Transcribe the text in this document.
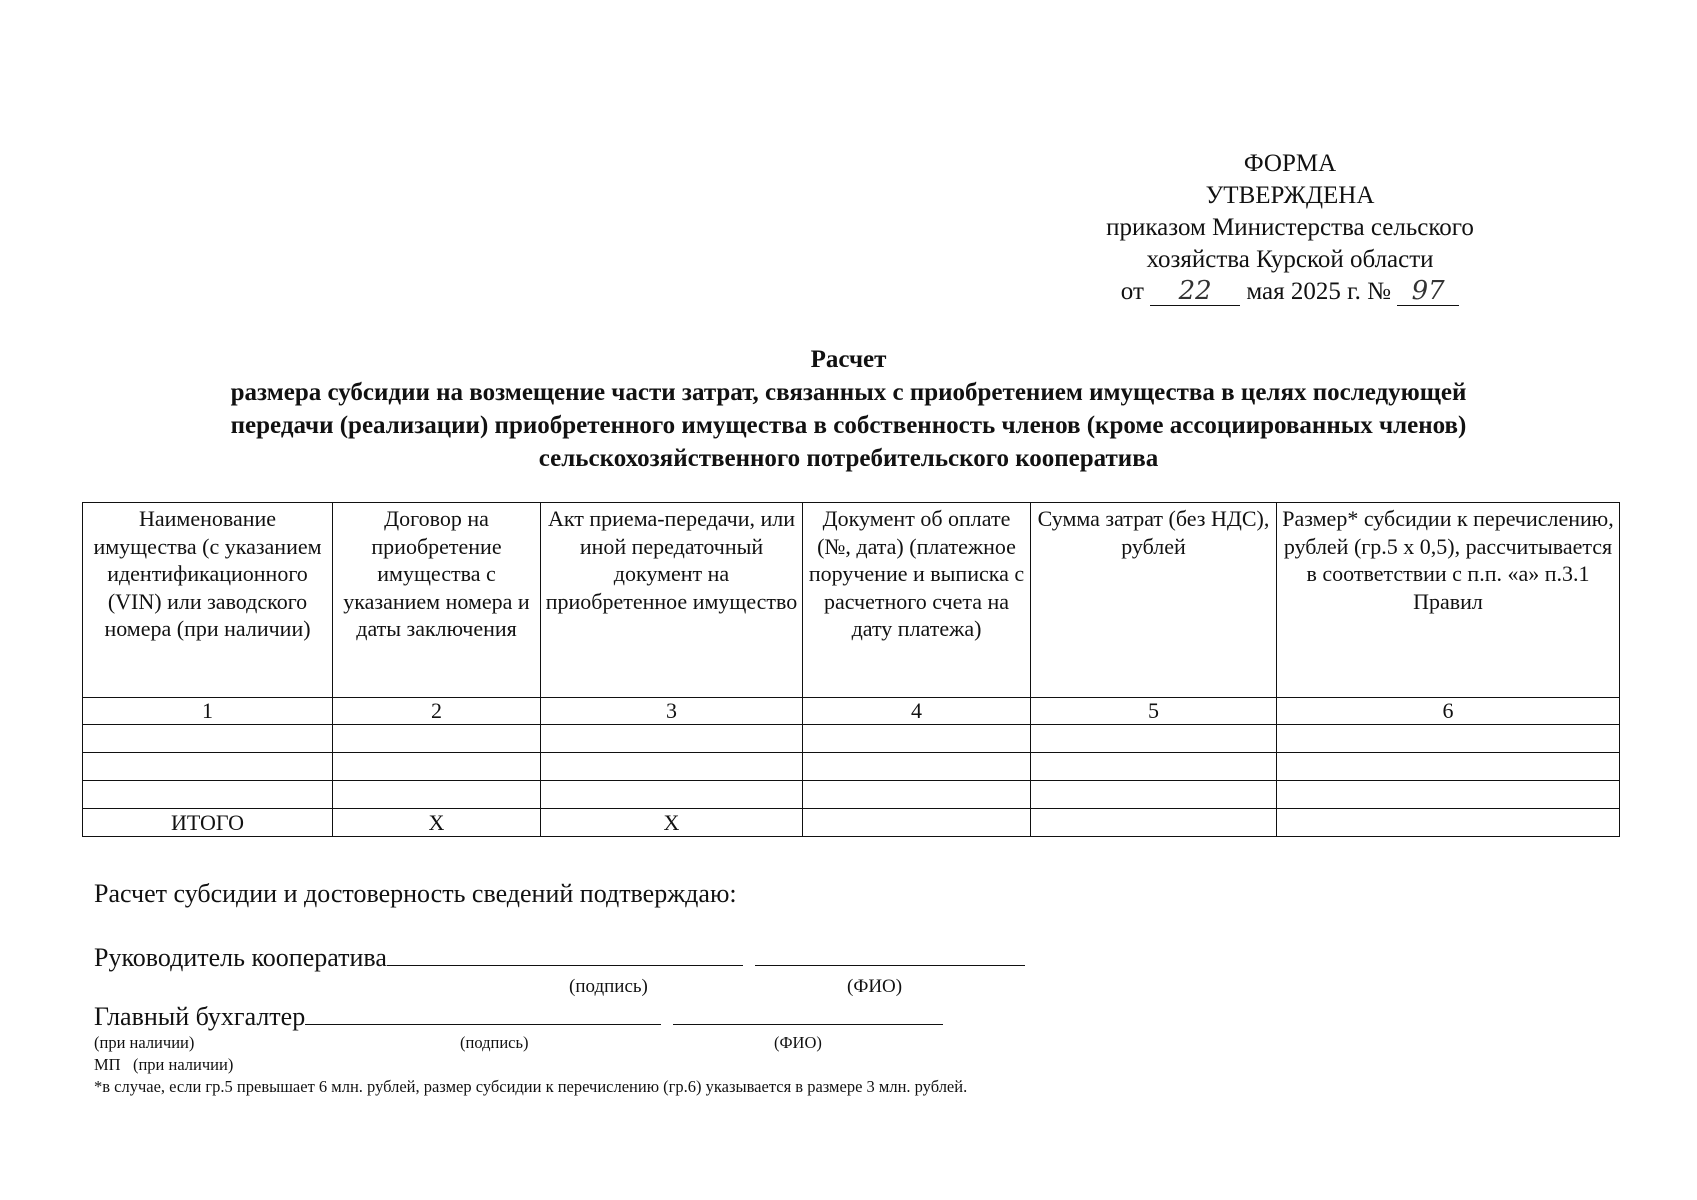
ФОРМА
УТВЕРЖДЕНА
приказом Министерства сельского
хозяйства Курской области
от 22 мая 2025 г. № 97
Расчет
размера субсидии на возмещение части затрат, связанных с приобретением имущества в целях последующей
передачи (реализации) приобретенного имущества в собственность членов (кроме ассоциированных членов)
сельскохозяйственного потребительского кооператива
Наименование имущества (с указанием идентификационного (VIN) или заводского номера (при наличии)	Договор на приобретение имущества с указанием номера и даты заключения	Акт приема-передачи, или иной передаточный документ на приобретенное имущество	Документ об оплате (№, дата) (платежное поручение и выписка с расчетного счета на дату платежа)	Сумма затрат (без НДС), рублей	Размер* субсидии к перечислению, рублей (гр.5 х 0,5), рассчитывается в соответствии с п.п. «а» п.3.1 Правил
1	2	3	4	5	6

ИТОГО	Х	Х			
Расчет субсидии и достоверность сведений подтверждаю:
Руководитель кооператива
(подпись)	(ФИО)
Главный бухгалтер
(при наличии)	(подпись)	(ФИО)
МП   (при наличии)
*в случае, если гр.5 превышает 6 млн. рублей, размер субсидии к перечислению (гр.6) указывается в размере 3 млн. рублей.
